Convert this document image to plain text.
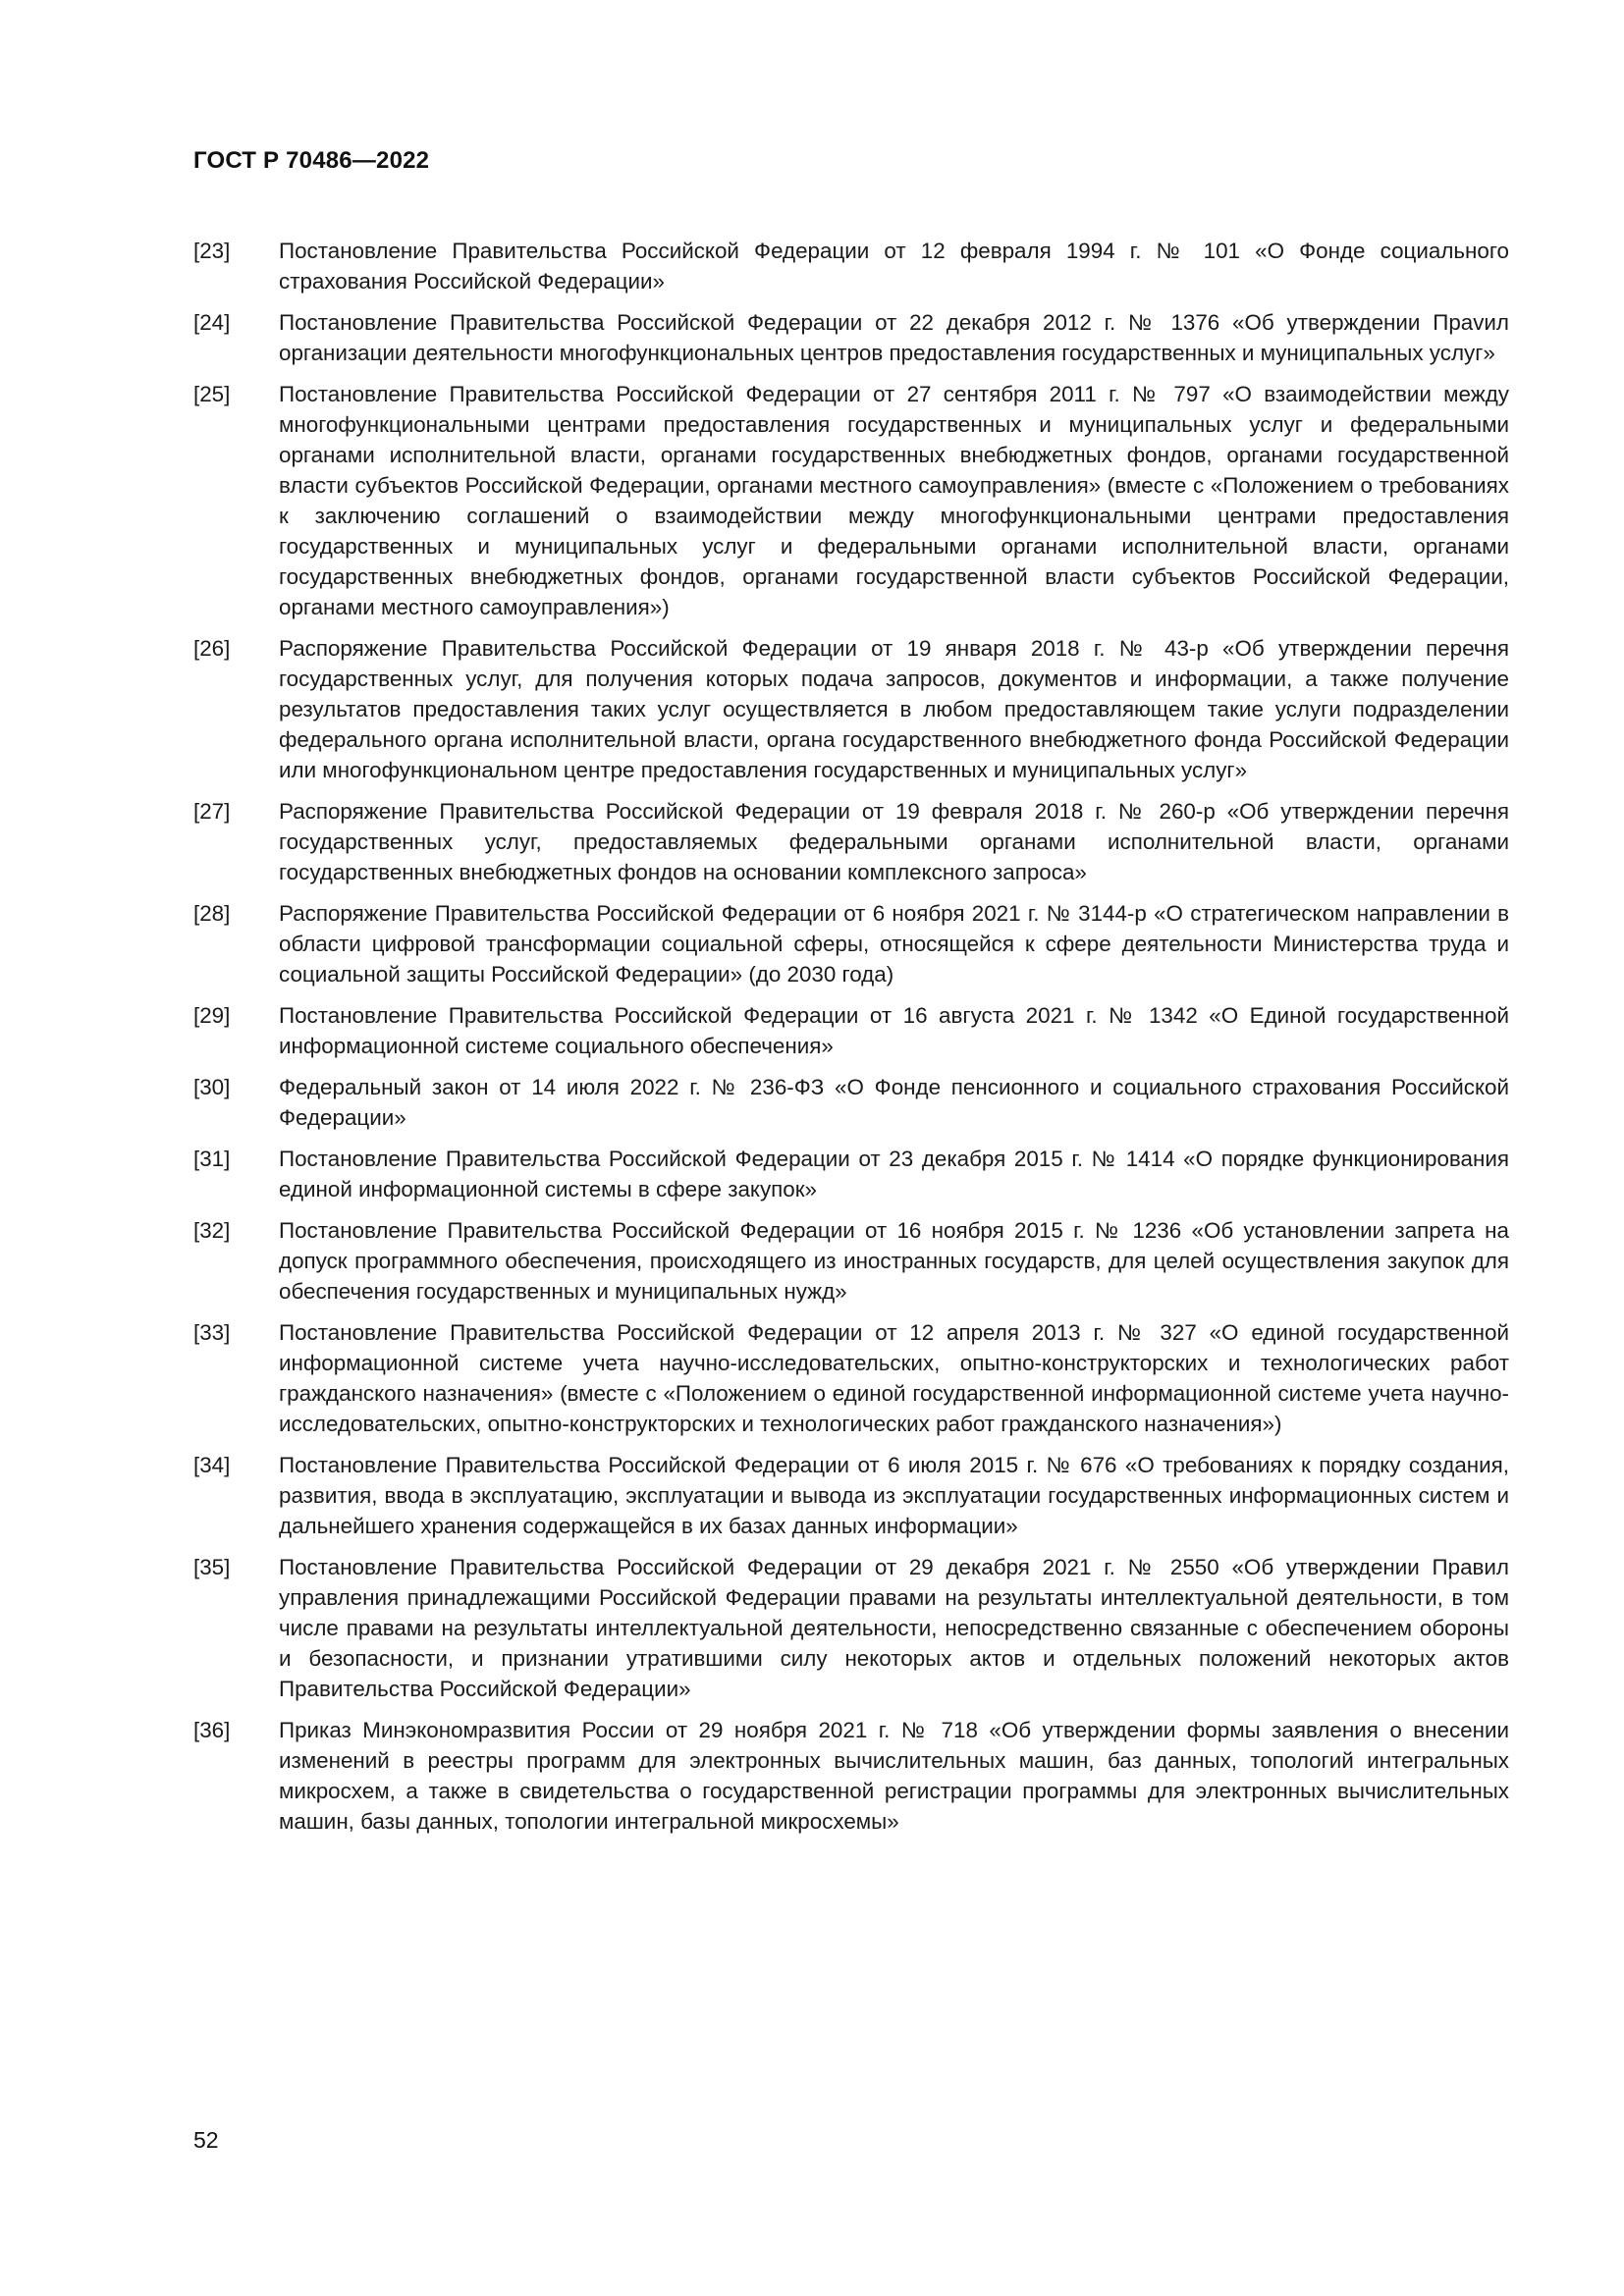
ГОСТ Р 70486—2022
[23]	Постановление Правительства Российской Федерации от 12 февраля 1994 г. № 101 «О Фонде социального страхования Российской Федерации»
[24]	Постановление Правительства Российской Федерации от 22 декабря 2012 г. № 1376 «Об утверждении Праvил организации деятельности многофункциональных центров предоставления государственных и муниципальных услуг»
[25]	Постановление Правительства Российской Федерации от 27 сентября 2011 г. № 797 «О взаимодействии между многофункциональными центрами предоставления государственных и муниципальных услуг и федеральными органами исполнительной власти, органами государственных внебюджетных фондов, органами государственной власти субъектов Российской Федерации, органами местного самоуправления» (вместе с «Положением о требованиях к заключению соглашений о взаимодействии между многофункциональными центрами предоставления государственных и муниципальных услуг и федеральными органами исполнительной власти, органами государственных внебюджетных фондов, органами государственной власти субъектов Российской Федерации, органами местного самоуправления»)
[26]	Распоряжение Правительства Российской Федерации от 19 января 2018 г. № 43-р «Об утверждении перечня государственных услуг, для получения которых подача запросов, документов и информации, а также получение результатов предоставления таких услуг осуществляется в любом предоставляющем такие услуги подразделении федерального органа исполнительной власти, органа государственного внебюджетного фонда Российской Федерации или многофункциональном центре предоставления государственных и муниципальных услуг»
[27]	Распоряжение Правительства Российской Федерации от 19 февраля 2018 г. № 260-р «Об утверждении перечня государственных услуг, предоставляемых федеральными органами исполнительной власти, органами государственных внебюджетных фондов на основании комплексного запроса»
[28]	Распоряжение Правительства Российской Федерации от 6 ноября 2021 г. № 3144-р «О стратегическом направлении в области цифровой трансформации социальной сферы, относящейся к сфере деятельности Министерства труда и социальной защиты Российской Федерации» (до 2030 года)
[29]	Постановление Правительства Российской Федерации от 16 августа 2021 г. № 1342 «О Единой государственной информационной системе социального обеспечения»
[30]	Федеральный закон от 14 июля 2022 г. № 236-ФЗ «О Фонде пенсионного и социального страхования Российской Федерации»
[31]	Постановление Правительства Российской Федерации от 23 декабря 2015 г. № 1414 «О порядке функционирования единой информационной системы в сфере закупок»
[32]	Постановление Правительства Российской Федерации от 16 ноября 2015 г. № 1236 «Об установлении запрета на допуск программного обеспечения, происходящего из иностранных государств, для целей осуществления закупок для обеспечения государственных и муниципальных нужд»
[33]	Постановление Правительства Российской Федерации от 12 апреля 2013 г. № 327 «О единой государственной информационной системе учета научно-исследовательских, опытно-конструкторских и технологических работ гражданского назначения» (вместе с «Положением о единой государственной информационной системе учета научно-исследовательских, опытно-конструкторских и технологических работ гражданского назначения»)
[34]	Постановление Правительства Российской Федерации от 6 июля 2015 г. № 676 «О требованиях к порядку создания, развития, ввода в эксплуатацию, эксплуатации и вывода из эксплуатации государственных информационных систем и дальнейшего хранения содержащейся в их базах данных информации»
[35]	Постановление Правительства Российской Федерации от 29 декабря 2021 г. № 2550 «Об утверждении Правил управления принадлежащими Российской Федерации правами на результаты интеллектуальной деятельности, в том числе правами на результаты интеллектуальной деятельности, непосредственно связанные с обеспечением обороны и безопасности, и признании утратившими силу некоторых актов и отдельных положений некоторых актов Правительства Российской Федерации»
[36]	Приказ Минэкономразвития России от 29 ноября 2021 г. № 718 «Об утверждении формы заявления о внесении изменений в реестры программ для электронных вычислительных машин, баз данных, топологий интегральных микросхем, а также в свидетельства о государственной регистрации программы для электронных вычислительных машин, базы данных, топологии интегральной микросхемы»
52
